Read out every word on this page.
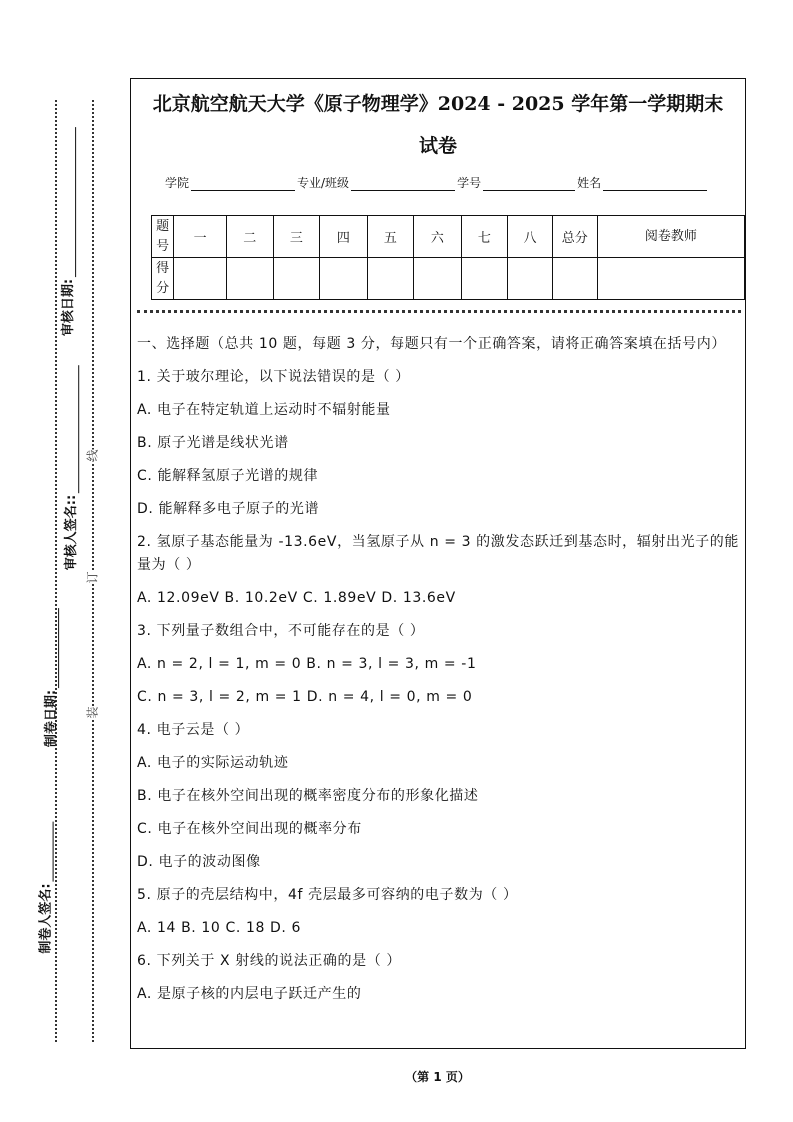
审核日期:
审核人签名::
制卷日期:
制卷人签名:
线
订
装
北京航空航天大学《原子物理学》2024 - 2025 学年第一学期期末
试卷
学院	专业/班级	学号	姓名
题号	一	二	三	四	五	六	七	八	总分	阅卷教师
得分										

一、选择题（总共 10 题，每题 3 分，每题只有一个正确答案，请将正确答案填在括号内）

1. 关于玻尔理论，以下说法错误的是（ ）

A. 电子在特定轨道上运动时不辐射能量

B. 原子光谱是线状光谱

C. 能解释氢原子光谱的规律

D. 能解释多电子原子的光谱

2. 氢原子基态能量为 -13.6eV，当氢原子从 n = 3 的激发态跃迁到基态时，辐射出光子的能量为（ ）

A. 12.09eV B. 10.2eV C. 1.89eV D. 13.6eV

3. 下列量子数组合中，不可能存在的是（ ）

A. n = 2, l = 1, m = 0 B. n = 3, l = 3, m = -1

C. n = 3, l = 2, m = 1 D. n = 4, l = 0, m = 0

4. 电子云是（ ）

A. 电子的实际运动轨迹

B. 电子在核外空间出现的概率密度分布的形象化描述

C. 电子在核外空间出现的概率分布

D. 电子的波动图像

5. 原子的壳层结构中，4f 壳层最多可容纳的电子数为（ ）

A. 14 B. 10 C. 18 D. 6

6. 下列关于 X 射线的说法正确的是（ ）

A. 是原子核的内层电子跃迁产生的

（第 1 页）
